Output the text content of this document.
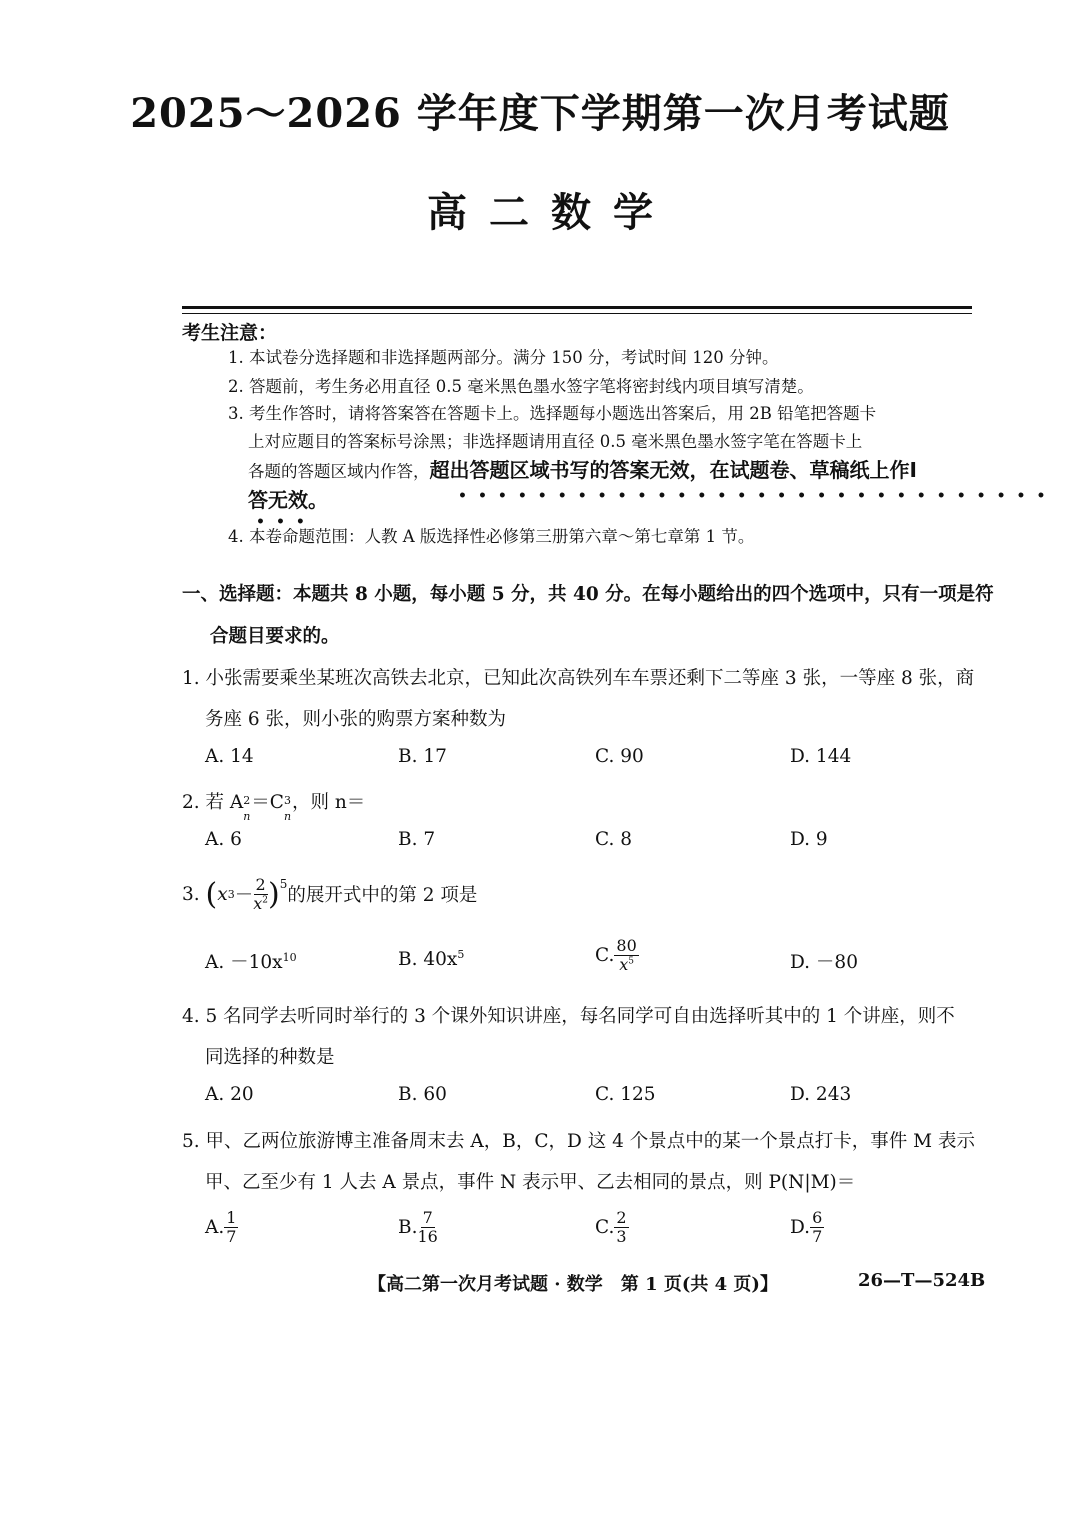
2025～2026 学年度下学期第一次月考试题
高二数学
考生注意：
1. 本试卷分选择题和非选择题两部分。满分 150 分，考试时间 120 分钟。
2. 答题前，考生务必用直径 0.5 毫米黑色墨水签字笔将密封线内项目填写清楚。
3. 考生作答时，请将答案答在答题卡上。选择题每小题选出答案后，用 2B 铅笔把答题卡
上对应题目的答案标号涂黑；非选择题请用直径 0.5 毫米黑色墨水签字笔在答题卡上
各题的答题区域内作答，超出答题区域书写的答案无效，在试题卷、草稿纸上作I
••••••••••••••••••••••••••••••
答无效。
•••
4. 本卷命题范围：人教 A 版选择性必修第三册第六章～第七章第 1 节。
一、选择题：本题共 8 小题，每小题 5 分，共 40 分。在每小题给出的四个选项中，只有一项是符
合题目要求的。
1. 小张需要乘坐某班次高铁去北京，已知此次高铁列车车票还剩下二等座 3 张，一等座 8 张，商
务座 6 张，则小张的购票方案种数为
A. 14	B. 17	C. 90	D. 144
2. 若 A 2
n
＝C 3
n
，则 n＝
A. 6	B. 7	C. 8	D. 9
3. ( x $3 - \frac{2}{x^2} )^5$
的展开式中的第 2 项是
A. $-10x^{10}$	B. $40x^5$	C. $\frac{80}{x^5}$	D. －80
4. 5 名同学去听同时举行的 3 个课外知识讲座，每名同学可自由选择听其中的 1 个讲座，则不
同选择的种数是
A. 20	B. 60	C. 125	D. 243
5. 甲、乙两位旅游博主准备周末去 A，B，C，D 这 4 个景点中的某一个景点打卡，事件 M 表示
甲、乙至少有 1 人去 A 景点，事件 N 表示甲、乙去相同的景点，则 P(N|M)＝
A. $\frac{1}{7}$	B. $\frac{7}{16}$	C. $\frac{2}{3}$	D. $\frac{6}{7}$
【高二第一次月考试题 · 数学　第 1 页(共 4 页)】	26—T—524B
